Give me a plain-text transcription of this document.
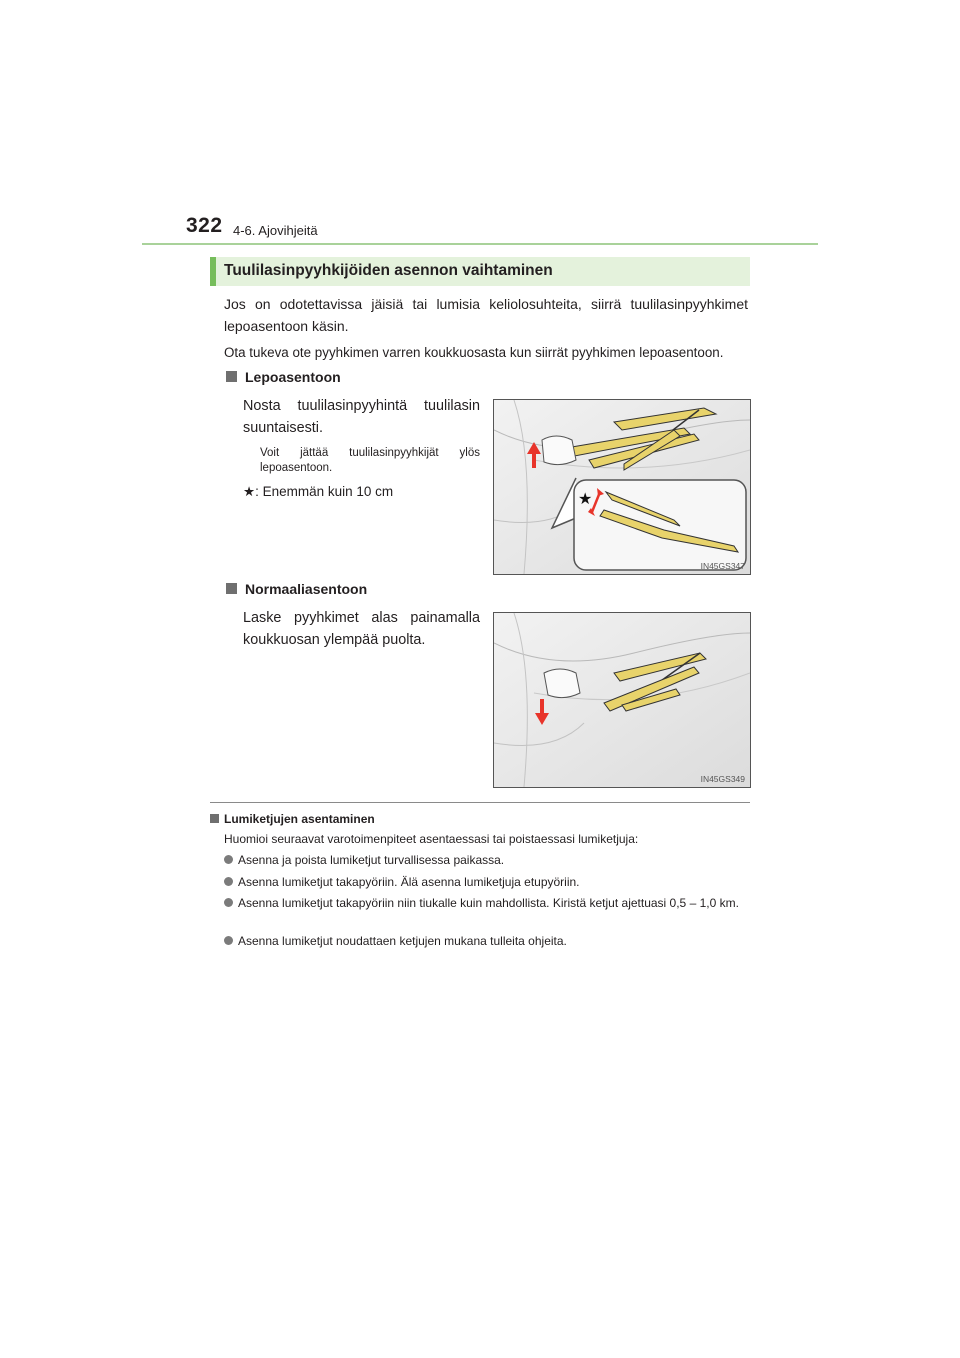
322 4-6. Ajovihjeitä
Tuulilasinpyyhkijöiden asennon vaihtaminen
Jos on odotettavissa jäisiä tai lumisia keliolosuhteita, siirrä tuulilasinpyyhkimet lepoasentoon käsin.
Ota tukeva ote pyyhkimen varren koukkuosasta kun siirrät pyyhkimen lepoasentoon.
Lepoasentoon
Nosta tuulilasinpyyhintä tuulilasin suuntaisesti.
Voit jättää tuulilasinpyyhkijät ylös lepoasentoon.
★: Enemmän kuin 10 cm	★
IN45GS347
Normaaliasentoon
Laske pyyhkimet alas painamalla koukkuosan ylempää puolta.
IN45GS349
Lumiketjujen asentaminen
Huomioi seuraavat varotoimenpiteet asentaessasi tai poistaessasi lumiketjuja:
Asenna ja poista lumiketjut turvallisessa paikassa.
Asenna lumiketjut takapyöriin. Älä asenna lumiketjuja etupyöriin.
Asenna lumiketjut takapyöriin niin tiukalle kuin mahdollista. Kiristä ketjut ajettuasi 0,5 – 1,0 km.
Asenna lumiketjut noudattaen ketjujen mukana tulleita ohjeita.
